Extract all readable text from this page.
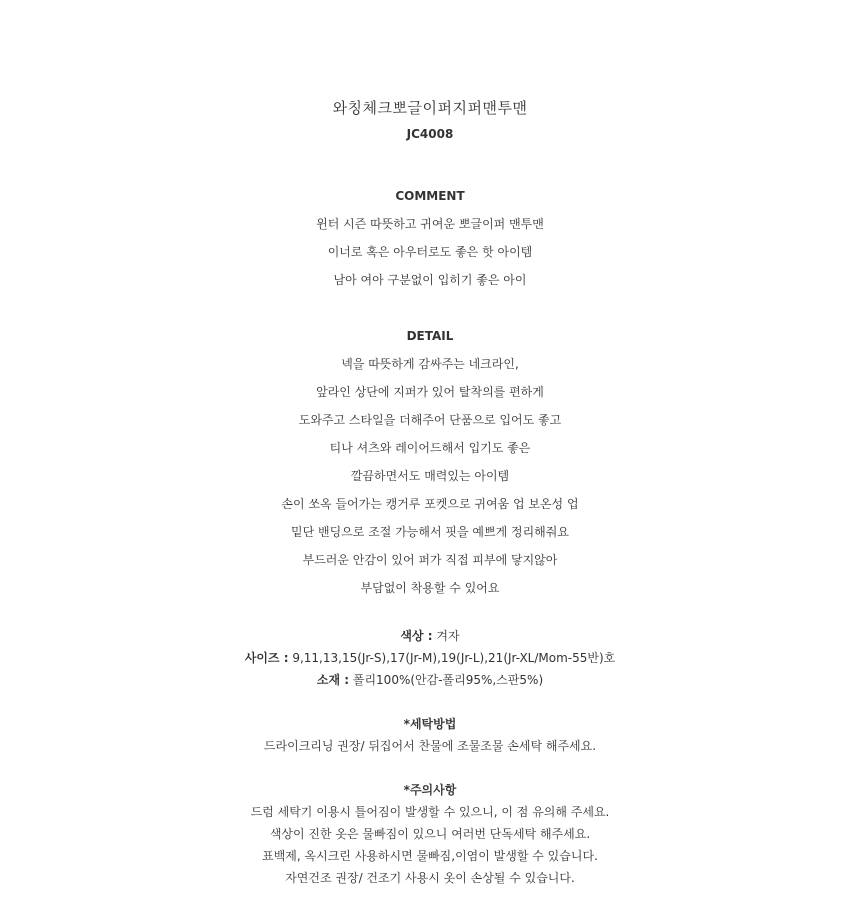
와칭체크뽀글이퍼지퍼맨투맨
JC4008
COMMENT
윈터 시즌 따뜻하고 귀여운 뽀글이퍼 맨투맨
이너로 혹은 아우터로도 좋은 핫 아이템
남아 여아 구분없이 입히기 좋은 아이
DETAIL
넥을 따뜻하게 감싸주는 네크라인,
앞라인 상단에 지퍼가 있어 탈착의를 편하게
도와주고 스타일을 더해주어 단품으로 입어도 좋고
티나 셔츠와 레이어드해서 입기도 좋은
깔끔하면서도 매력있는 아이템
손이 쏘옥 들어가는 캥거루 포켓으로 귀여움 업 보온성 업
밑단 밴딩으로 조절 가능해서 핏을 예쁘게 정리해줘요
부드러운 안감이 있어 퍼가 직접 피부에 닿지않아
부담없이 착용할 수 있어요
색상 : 겨자
사이즈 : 9,11,13,15(Jr-S),17(Jr-M),19(Jr-L),21(Jr-XL/Mom-55반)호
소재 : 폴리100%(안감-폴리95%,스판5%)
*세탁방법
드라이크리닝 권장/ 뒤집어서 찬물에 조물조물 손세탁 해주세요.
*주의사항
드럼 세탁기 이용시 틀어짐이 발생할 수 있으니, 이 점 유의해 주세요.
색상이 진한 옷은 물빠짐이 있으니 여러번 단독세탁 해주세요.
표백제, 옥시크린 사용하시면 물빠짐,이염이 발생할 수 있습니다.
자연건조 권장/ 건조기 사용시 옷이 손상될 수 있습니다.
